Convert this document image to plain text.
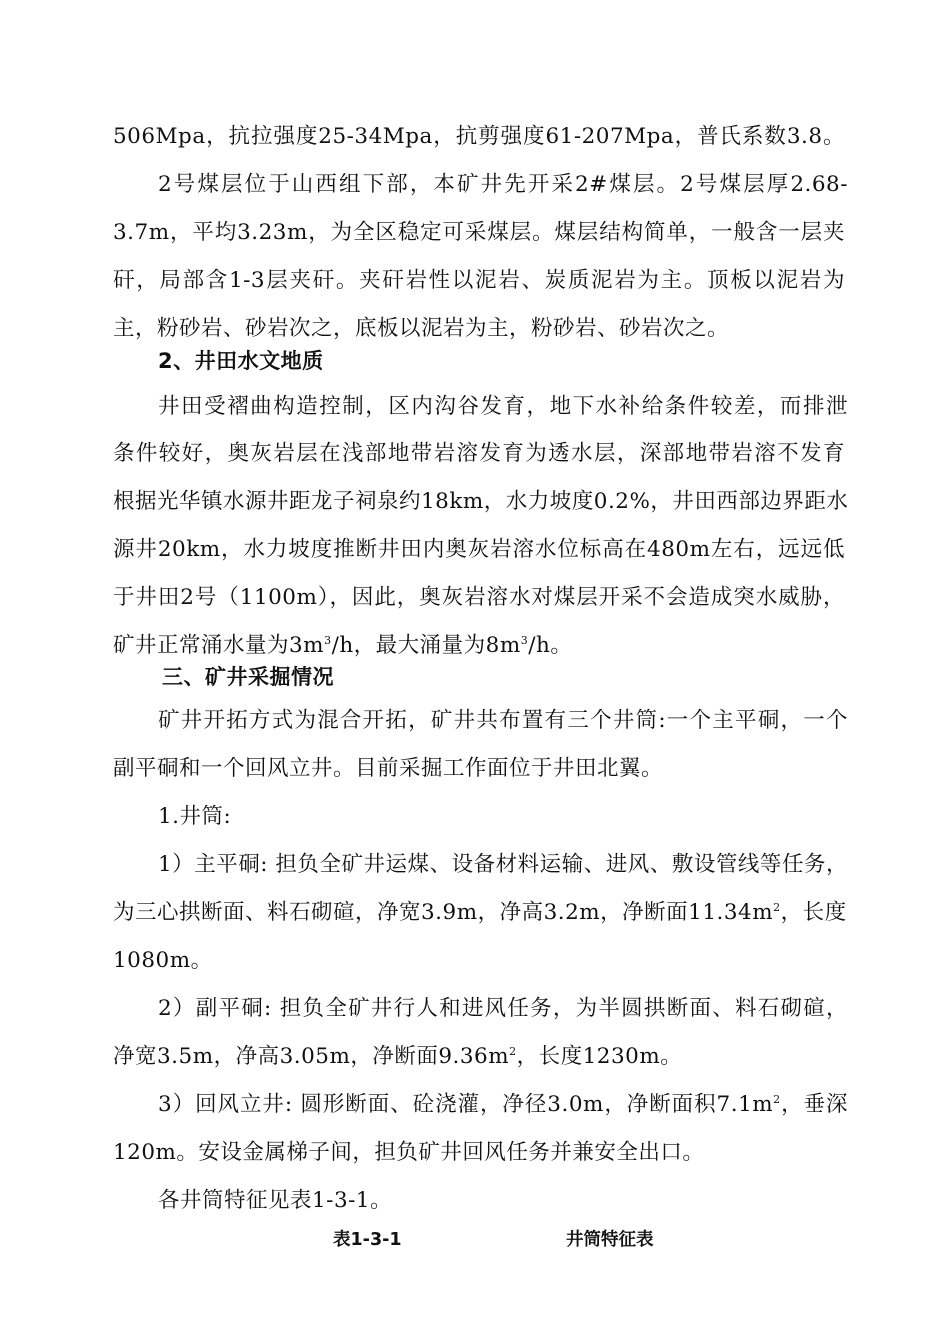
506Mpa，抗拉强度25-34Mpa，抗剪强度61-207Mpa，普氏系数3.8。
2号煤层位于山西组下部，本矿井先开采2#煤层。2号煤层厚2.68-
3.7m，平均3.23m，为全区稳定可采煤层。煤层结构简单，一般含一层夹
矸，局部含1-3层夹矸。夹矸岩性以泥岩、炭质泥岩为主。顶板以泥岩为
主，粉砂岩、砂岩次之，底板以泥岩为主，粉砂岩、砂岩次之。
2、井田水文地质
井田受褶曲构造控制，区内沟谷发育，地下水补给条件较差，而排泄
条件较好，奥灰岩层在浅部地带岩溶发育为透水层，深部地带岩溶不发育
根据光华镇水源井距龙子祠泉约18km，水力坡度0.2%，井田西部边界距水
源井20km，水力坡度推断井田内奥灰岩溶水位标高在480m左右，远远低
于井田2号（1100m），因此，奥灰岩溶水对煤层开采不会造成突水威胁，
矿井正常涌水量为$3m^3/h$，最大涌量为$8m^3/h$。
三、矿井采掘情况
矿井开拓方式为混合开拓，矿井共布置有三个井筒:一个主平硐，一个
副平硐和一个回风立井。目前采掘工作面位于井田北翼。
1.井筒:
1）主平硐: 担负全矿井运煤、设备材料运输、进风、敷设管线等任务，
为三心拱断面、料石砌碹，净宽3.9m，净高3.2m，净断面$11.34m^2$，长度
1080m。
2）副平硐: 担负全矿井行人和进风任务，为半圆拱断面、料石砌碹，
净宽3.5m，净高3.05m，净断面$9.36m^2$，长度1230m。
3）回风立井: 圆形断面、砼浇灌，净径3.0m，净断面积$7.1m^2$，垂深
120m。安设金属梯子间，担负矿井回风任务并兼安全出口。
各井筒特征见表1-3-1。
表1-3-1	井筒特征表
